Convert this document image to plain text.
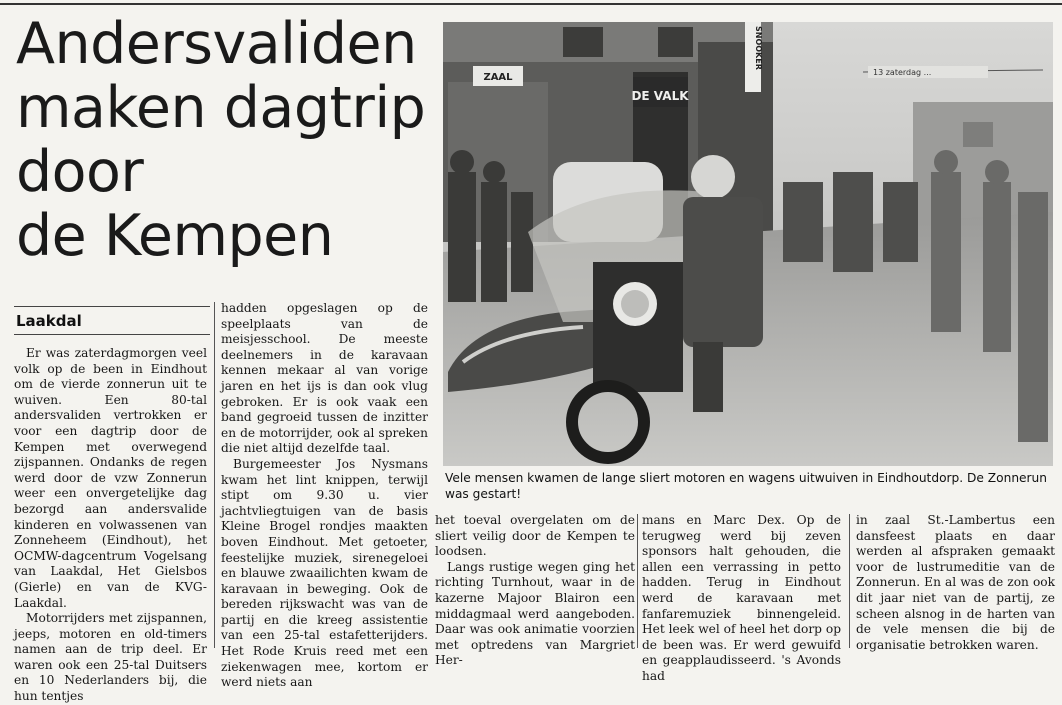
Andersvaliden
maken dagtrip
door
de Kempen
Laakdal
ZAAL
DE VALK
SNOOKER
13 zaterdag ...
Vele mensen kwamen de lange sliert motoren en wagens uitwuiven in Eindhoutdorp. De Zonnerun was gestart!

Er was zaterdagmorgen veel volk op de been in Eindhout om de vierde zonnerun uit te wuiven. Een 80-tal andersvaliden vertrokken er voor een dagtrip door de Kempen met overwegend zijspannen. Ondanks de regen werd door de vzw Zonnerun weer een onvergetelijke dag bezorgd aan andersvalide kinderen en volwassenen van Zonneheem (Eindhout), het OCMW-dagcentrum Vogelsang van Laakdal, Het Gielsbos (Gierle) en van de KVG-Laakdal.

Motorrijders met zijspannen, jeeps, motoren en old-timers namen aan de trip deel. Er waren ook een 25-tal Duitsers en 10 Nederlanders bij, die hun tentjes

hadden opgeslagen op de speelplaats van de meisjesschool. De meeste deelnemers in de karavaan kennen mekaar al van vorige jaren en het ijs is dan ook vlug gebroken. Er is ook vaak een band gegroeid tussen de inzitter en de motorrijder, ook al spreken die niet altijd dezelfde taal.

Burgemeester Jos Nysmans kwam het lint knippen, terwijl stipt om 9.30 u. vier jachtvliegtuigen van de basis Kleine Brogel rondjes maakten boven Eindhout. Met getoeter, feestelijke muziek, sirenegeloei en blauwe zwaailichten kwam de karavaan in beweging. Ook de bereden rijkswacht was van de partij en die kreeg assistentie van een 25-tal estafetterijders. Het Rode Kruis reed met een ziekenwagen mee, kortom er werd niets aan

het toeval overgelaten om de sliert veilig door de Kempen te loodsen.

Langs rustige wegen ging het richting Turnhout, waar in de kazerne Majoor Blairon een middagmaal werd aangeboden. Daar was ook animatie voorzien met optredens van Margriet Her-

mans en Marc Dex. Op de terugweg werd bij zeven sponsors halt gehouden, die allen een verrassing in petto hadden. Terug in Eindhout werd de karavaan met fanfaremuziek binnengeleid. Het leek wel of heel het dorp op de been was. Er werd gewuifd en geapplaudisseerd. 's Avonds had

in zaal St.-Lambertus een dansfeest plaats en daar werden al afspraken gemaakt voor de lustrumeditie van de Zonnerun. En al was de zon ook dit jaar niet van de partij, ze scheen alsnog in de harten van de vele mensen die bij de organisatie betrokken waren.
